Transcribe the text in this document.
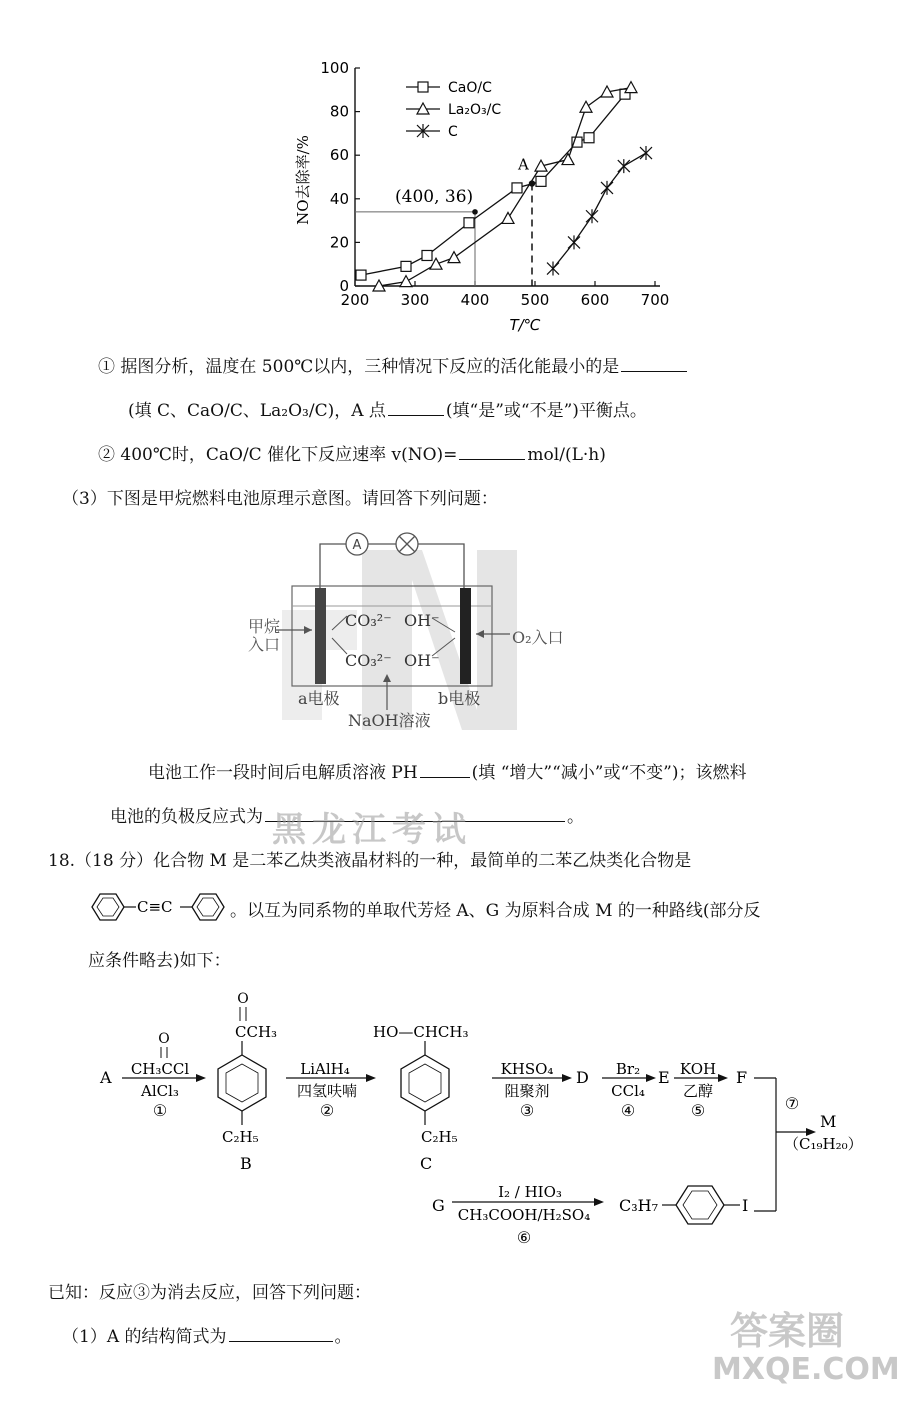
0
20
40
60
80
100
200 300 400 500 600 700
NO去除率/%
T/℃
(400, 36)
A
CaO/C
La₂O₃/C
C
① 据图分析，温度在 500℃以内，三种情况下反应的活化能最小的是
(填 C、CaO/C、La₂O₃/C)，A 点	(填“是”或“不是”)平衡点。
② 400℃时，CaO/C 催化下反应速率 v(NO)=	mol/(L·h)
（3）下图是甲烷燃料电池原理示意图。请回答下列问题：
A
甲烷
入口	O₂入口
CO₃²⁻ OH⁻
CO₃²⁻ OH⁻
a电极	b电极
NaOH溶液
电池工作一段时间后电解质溶液 PH	(填 “增大”“减小”或“不变”)；该燃料
电池的负极反应式为	。
黑龙江考试
18.（18 分）化合物 M 是二苯乙炔类液晶材料的一种，最简单的二苯乙炔类化合物是
C≡C	。以互为同系物的单取代芳烃 A、G 为原料合成 M 的一种路线(部分反
应条件略去)如下：
A
O
CH₃CCl
AlCl₃
①
O
CCH₃
C₂H₅
B
LiAlH₄
四氢呋喃
②
HO—CHCH₃
C₂H₅
C
KHSO₄
阻聚剂
③
D Br₂
CCl₄
④
E KOH
乙醇
⑤
F
⑦
M
（C₁₉H₂₀）
G
I₂ / HIO₃
CH₃COOH/H₂SO₄
⑥
C₃H₇	I
已知：反应③为消去反应，回答下列问题：
（1）A 的结构简式为	。	答案圈
MXQE.COM
